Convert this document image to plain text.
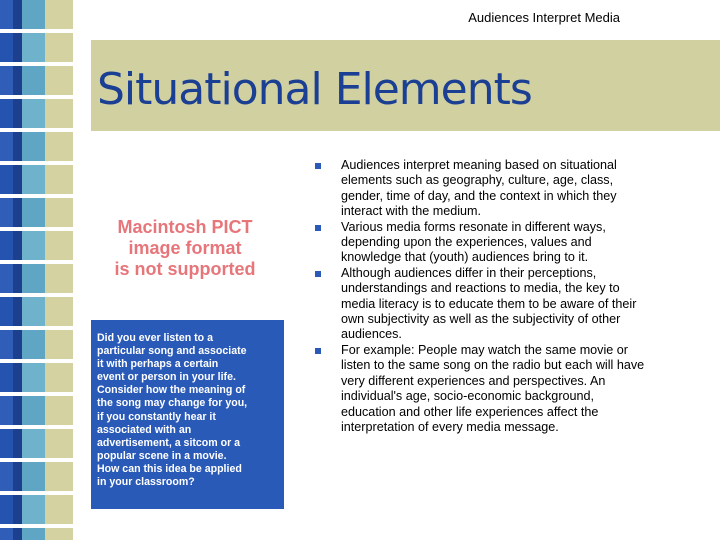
Audiences Interpret Media
Situational Elements
Macintosh PICT
image format
is not supported
Did you ever listen to a
particular song and associate
it with perhaps a certain
event or person in your life.
Consider how the meaning of
the song may change for you,
if you constantly hear it
associated with an
advertisement, a sitcom or a
popular scene in a movie.
How can this idea be applied
in your classroom?
Audiences interpret meaning based on situational
elements such as geography, culture, age, class,
gender, time of day, and the context in which they
interact with the medium.
Various media forms resonate in different ways,
depending upon the experiences, values and
knowledge that (youth) audiences bring to it.
Although audiences differ in their perceptions,
understandings and reactions to media, the key to
media literacy is to educate them to be aware of their
own subjectivity as well as the subjectivity of other
audiences.
For example: People may watch the same movie or
listen to the same song on the radio but each will have
very different experiences and perspectives. An
individual's age, socio-economic background,
education and other life experiences affect the
interpretation of every media message.
